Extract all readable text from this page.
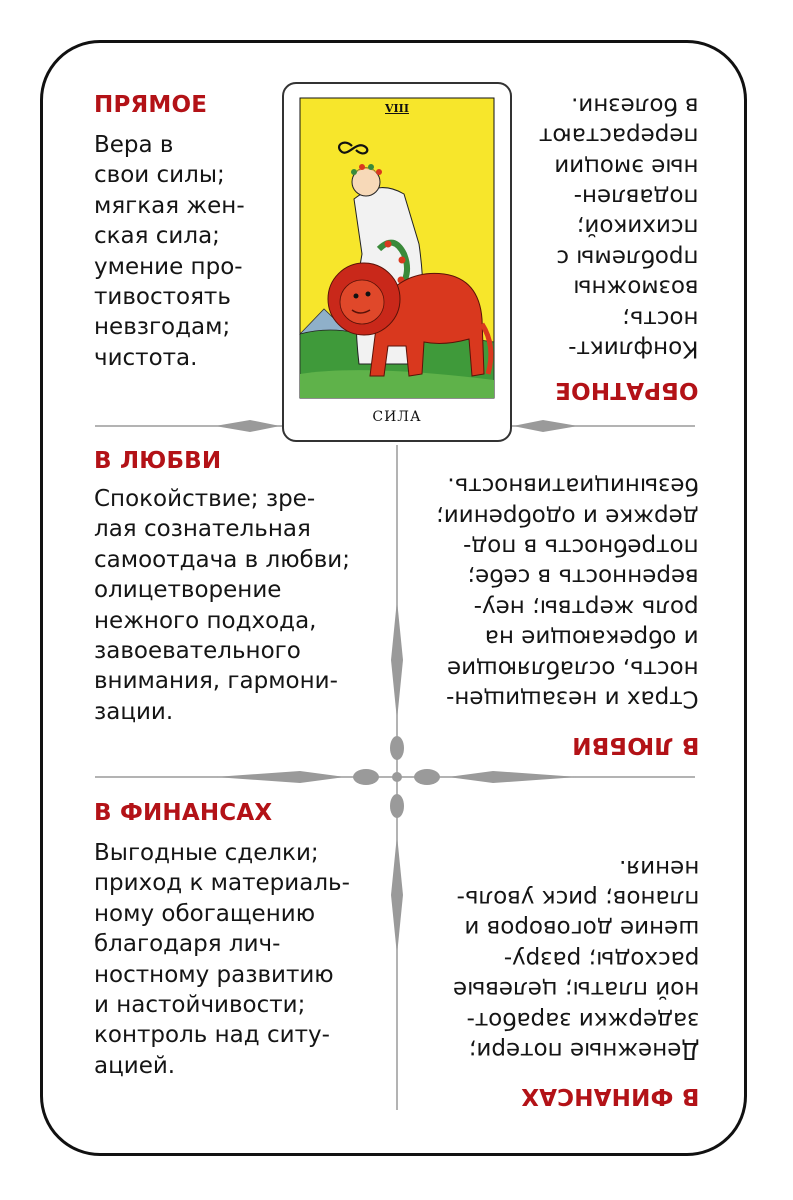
VIII
СИЛА
ПРЯМОЕ
Вера в
свои силы;
мягкая жен-
ская сила;
умение про-
тивостоять
невзгодам;
чистота.
В ЛЮБВИ
Спокойствие; зре-
лая сознательная
самоотдача в любви;
олицетворение
нежного подхода,
завоевательного
внимания, гармони-
зации.
В ФИНАНСАХ
Выгодные сделки;
приход к материаль-
ному обогащению
благодаря лич-
ностному развитию
и настойчивости;
контроль над ситу-
ацией.
ОБРАТНОЕ
Конфликт-
ность;
возможны
проблемы с
психикой;
подавлен-
ные эмоции
перерастают
в болезни.
В ЛЮБВИ
Страх и незащищен-
ность, ослабляющие
и обрекающие на
роль жертвы; неу-
веренность в себе;
потребность в под-
держке и одобрении;
безынициативность.
В ФИНАНСАХ
Денежные потери;
задержки заработ-
ной платы; целевые
расходы; разру-
шение договоров и
планов; риск уволь-
нения.
